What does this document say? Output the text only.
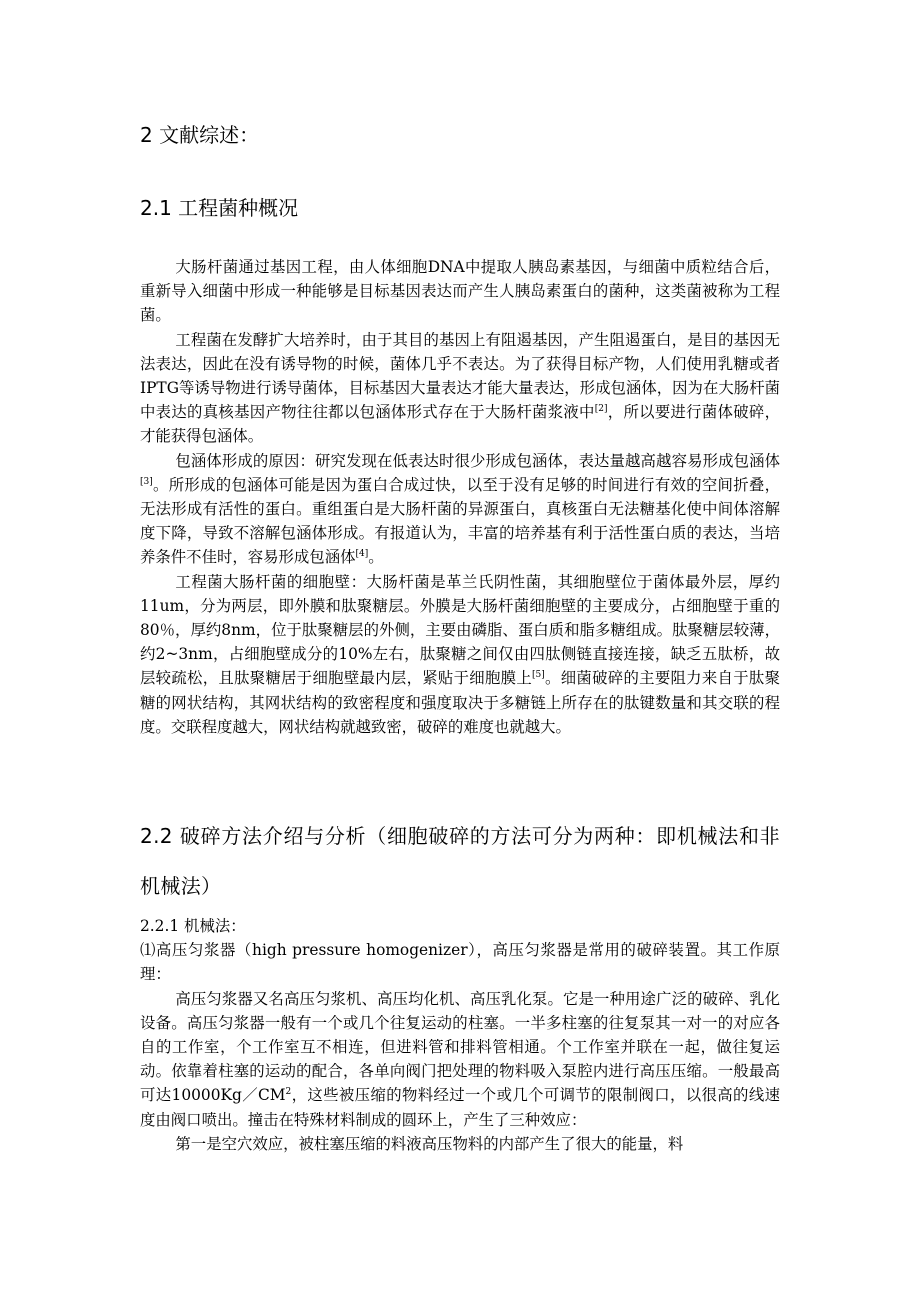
2 文献综述：
2.1 工程菌种概况

大肠杆菌通过基因工程，由人体细胞DNA中提取人胰岛素基因，与细菌中质粒结合后，重新导入细菌中形成一种能够是目标基因表达而产生人胰岛素蛋白的菌种，这类菌被称为工程菌。

工程菌在发酵扩大培养时，由于其目的基因上有阻遏基因，产生阻遏蛋白，是目的基因无法表达，因此在没有诱导物的时候，菌体几乎不表达。为了获得目标产物，人们使用乳糖或者IPTG等诱导物进行诱导菌体，目标基因大量表达才能大量表达，形成包涵体，因为在大肠杆菌中表达的真核基因产物往往都以包涵体形式存在于大肠杆菌浆液中[2]，所以要进行菌体破碎，才能获得包涵体。

包涵体形成的原因：研究发现在低表达时很少形成包涵体，表达量越高越容易形成包涵体[3]。所形成的包涵体可能是因为蛋白合成过快，以至于没有足够的时间进行有效的空间折叠，无法形成有活性的蛋白。重组蛋白是大肠杆菌的异源蛋白，真核蛋白无法糖基化使中间体溶解度下降，导致不溶解包涵体形成。有报道认为，丰富的培养基有利于活性蛋白质的表达，当培养条件不佳时，容易形成包涵体[4]。

工程菌大肠杆菌的细胞壁：大肠杆菌是革兰氏阴性菌，其细胞壁位于菌体最外层，厚约11um，分为两层，即外膜和肽聚糖层。外膜是大肠杆菌细胞壁的主要成分，占细胞壁于重的80％，厚约8nm，位于肽聚糖层的外侧，主要由磷脂、蛋白质和脂多糖组成。肽聚糖层较薄，约2~3nm，占细胞壁成分的10%左右，肽聚糖之间仅由四肽侧链直接连接，缺乏五肽桥，故层较疏松，且肽聚糖居于细胞壁最内层，紧贴于细胞膜上[5]。细菌破碎的主要阻力来自于肽聚糖的网状结构，其网状结构的致密程度和强度取决于多糖链上所存在的肽键数量和其交联的程度。交联程度越大，网状结构就越致密，破碎的难度也就越大。

2.2 破碎方法介绍与分析（细胞破碎的方法可分为两种：即机械法和非机械法）

2.2.1 机械法：

⑴高压匀浆器（high pressure homogenizer），高压匀浆器是常用的破碎装置。其工作原理：

高压匀浆器又名高压匀浆机、高压均化机、高压乳化泵。它是一种用途广泛的破碎、乳化设备。高压匀浆器一般有一个或几个往复运动的柱塞。一半多柱塞的往复泵其一对一的对应各自的工作室，个工作室互不相连，但进料管和排料管相通。个工作室并联在一起，做往复运动。依靠着柱塞的运动的配合，各单向阀门把处理的物料吸入泵腔内进行高压压缩。一般最高可达$10000Kg/CM^2$，这些被压缩的物料经过一个或几个可调节的限制阀口，以很高的线速度由阀口喷出。撞击在特殊材料制成的圆环上，产生了三种效应：

第一是空穴效应，被柱塞压缩的料液高压物料的内部产生了很大的能量，料
